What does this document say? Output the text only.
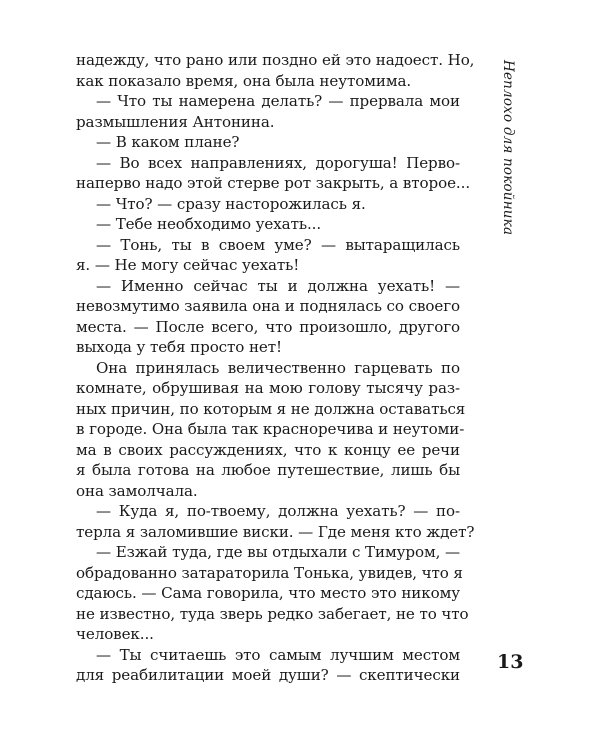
Неплохо для покойника
надежду, что рано или поздно ей это надоест. Но,
как показало время, она была неутомима.
— Что ты намерена делать? — прервала мои
размышления Антонина.
— В каком плане?
— Во всех направлениях, дорогуша! Перво-
наперво надо этой стерве рот закрыть, а второе...
— Что? — сразу насторожилась я.
— Тебе необходимо уехать...
— Тонь, ты в своем уме? — вытаращилась
я. — Не могу сейчас уехать!
— Именно сейчас ты и должна уехать! —
невозмутимо заявила она и поднялась со своего
места. — После всего, что произошло, другого
выхода у тебя просто нет!
Она принялась величественно гарцевать по
комнате, обрушивая на мою голову тысячу раз-
ных причин, по которым я не должна оставаться
в городе. Она была так красноречива и неутоми-
ма в своих рассуждениях, что к концу ее речи
я была готова на любое путешествие, лишь бы
она замолчала.
— Куда я, по-твоему, должна уехать? — по-
терла я заломившие виски. — Где меня кто ждет?
— Езжай туда, где вы отдыхали с Тимуром, —
обрадованно затараторила Тонька, увидев, что я
сдаюсь. — Сама говорила, что место это никому
не известно, туда зверь редко забегает, не то что
человек...
— Ты считаешь это самым лучшим местом
для реабилитации моей души? — скептически
13
